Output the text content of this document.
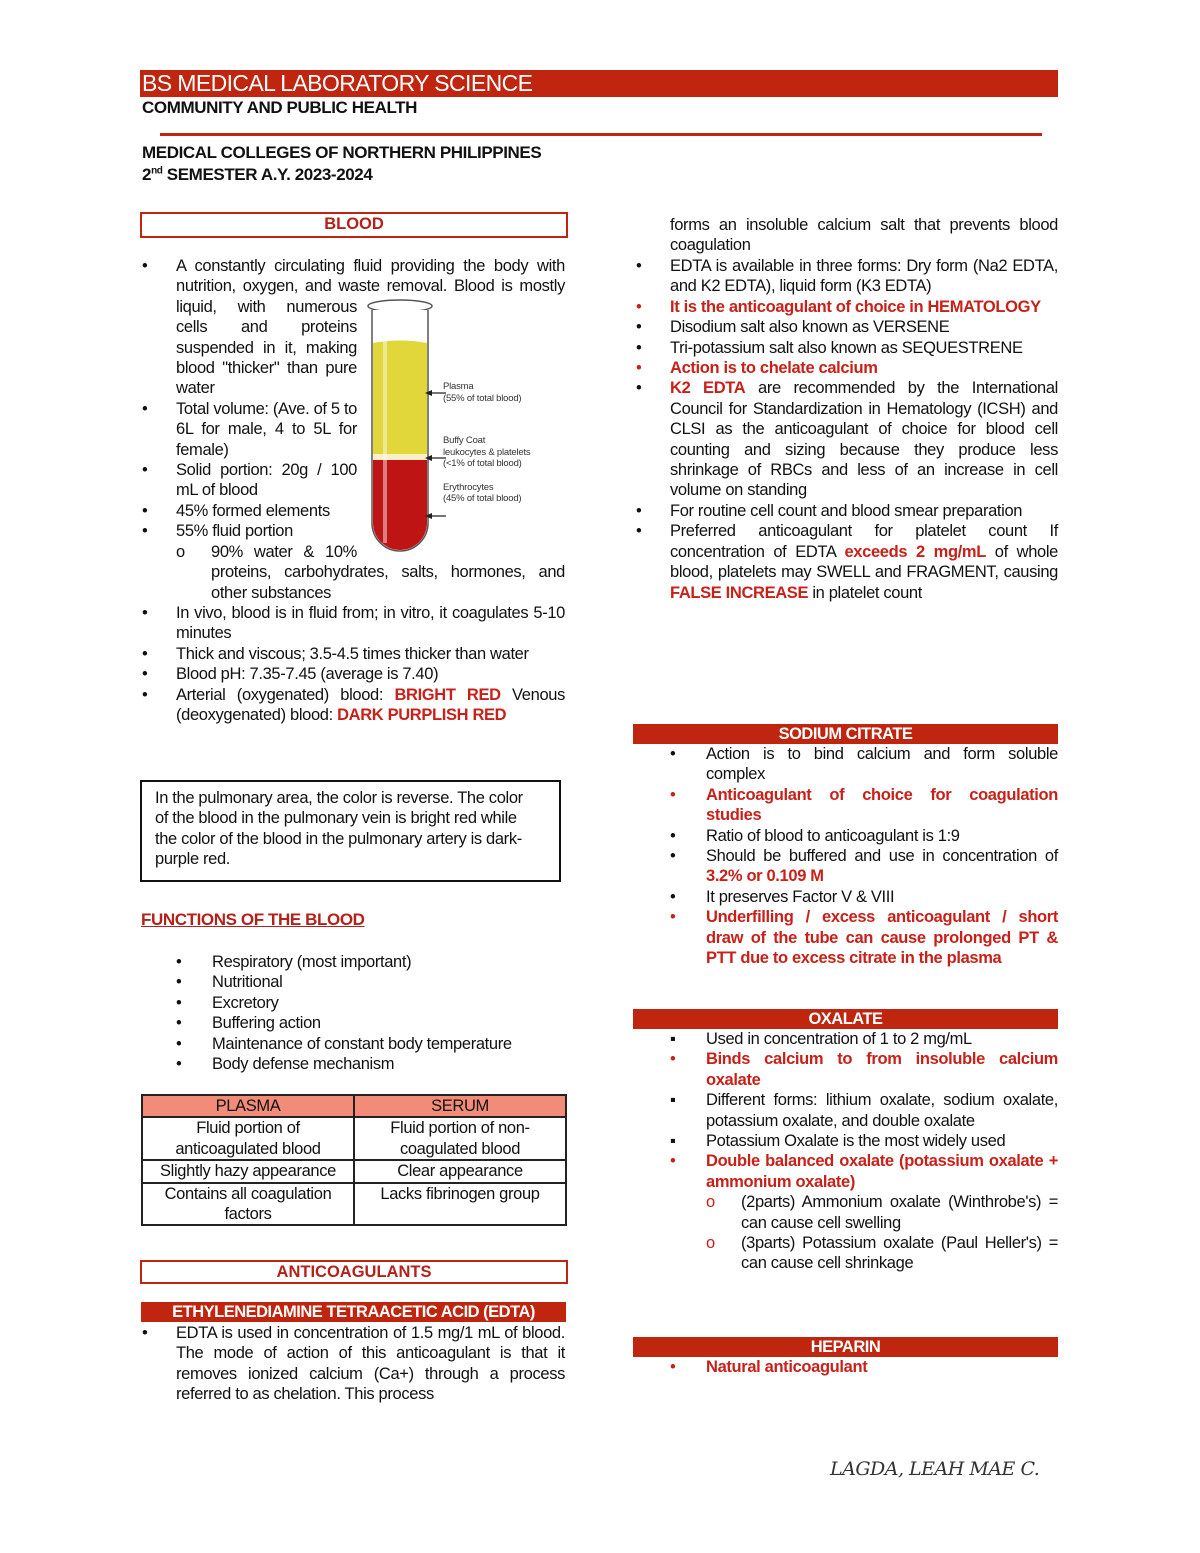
BS MEDICAL LABORATORY SCIENCE
COMMUNITY AND PUBLIC HEALTH
MEDICAL COLLEGES OF NORTHERN PHILIPPINES
2nd SEMESTER A.Y. 2023-2024
BLOOD
Plasma
(55% of total blood)
Buffy Coat
leukocytes & platelets
(<1% of total blood)
Erythrocytes
(45% of total blood)
• A constantly circulating fluid providing the body with nutrition, oxygen, and waste removal. Blood is mostly liquid, with numerous cells and proteins suspended in it, making blood "thicker" than pure water
• Total volume: (Ave. of 5 to 6L for male, 4 to 5L for female)
• Solid portion: 20g / 100 mL of blood
• 45% formed elements
• 55% fluid portion
o 90% water & 10% proteins, carbohydrates, salts, hormones, and other substances
• In vivo, blood is in fluid from; in vitro, it coagulates 5-10 minutes
• Thick and viscous; 3.5-4.5 times thicker than water
• Blood pH: 7.35-7.45 (average is 7.40)
• Arterial (oxygenated) blood: BRIGHT RED Venous (deoxygenated) blood: DARK PURPLISH RED
In the pulmonary area, the color is reverse. The color of the blood in the pulmonary vein is bright red while the color of the blood in the pulmonary artery is dark-purple red.
FUNCTIONS OF THE BLOOD
• Respiratory (most important)
• Nutritional
• Excretory
• Buffering action
• Maintenance of constant body temperature
• Body defense mechanism
PLASMA	SERUM
Fluid portion of anticoagulated blood	Fluid portion of non-coagulated blood
Slightly hazy appearance	Clear appearance
Contains all coagulation factors	Lacks fibrinogen group
ANTICOAGULANTS
ETHYLENEDIAMINE TETRAACETIC ACID (EDTA)
• EDTA is used in concentration of 1.5 mg/1 mL of blood. The mode of action of this anticoagulant is that it removes ionized calcium (Ca+) through a process referred to as chelation. This process
forms an insoluble calcium salt that prevents blood coagulation
• EDTA is available in three forms: Dry form (Na2 EDTA, and K2 EDTA), liquid form (K3 EDTA)
• It is the anticoagulant of choice in HEMATOLOGY
• Disodium salt also known as VERSENE
• Tri-potassium salt also known as SEQUESTRENE
• Action is to chelate calcium
• K2 EDTA are recommended by the International Council for Standardization in Hematology (ICSH) and CLSI as the anticoagulant of choice for blood cell counting and sizing because they produce less shrinkage of RBCs and less of an increase in cell volume on standing
• For routine cell count and blood smear preparation
• Preferred anticoagulant for platelet count If concentration of EDTA exceeds 2 mg/mL of whole blood, platelets may SWELL and FRAGMENT, causing FALSE INCREASE in platelet count
SODIUM CITRATE
• Action is to bind calcium and form soluble complex
• Anticoagulant of choice for coagulation studies
• Ratio of blood to anticoagulant is 1:9
• Should be buffered and use in concentration of 3.2% or 0.109 M
• It preserves Factor V & VIII
• Underfilling / excess anticoagulant / short draw of the tube can cause prolonged PT & PTT due to excess citrate in the plasma
OXALATE
▪ Used in concentration of 1 to 2 mg/mL
• Binds calcium to from insoluble calcium oxalate
▪ Different forms: lithium oxalate, sodium oxalate, potassium oxalate, and double oxalate
▪ Potassium Oxalate is the most widely used
• Double balanced oxalate (potassium oxalate + ammonium oxalate)
o (2parts) Ammonium oxalate (Winthrobe's) = can cause cell swelling
o (3parts) Potassium oxalate (Paul Heller's) = can cause cell shrinkage
HEPARIN
• Natural anticoagulant
LAGDA, LEAH MAE C.
